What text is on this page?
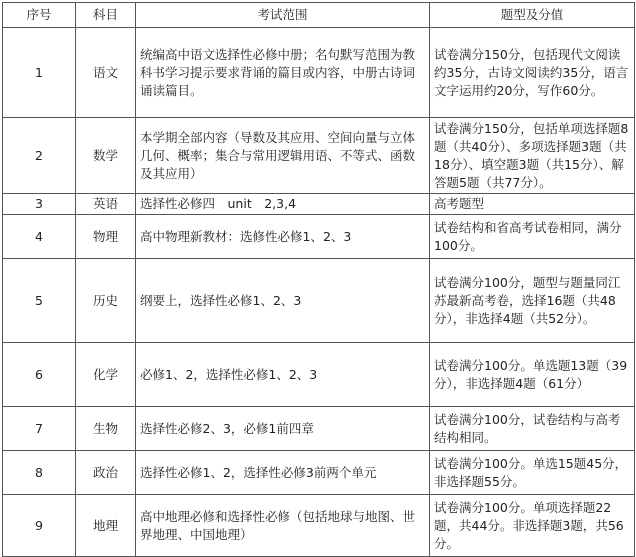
序号	科目	考试范围	题型及分值
1	语文	统编高中语文选择性必修中册；名句默写范围为教科书学习提示要求背诵的篇目或内容，中册古诗词诵读篇目。	试卷满分150分，包括现代文阅读约35分，古诗文阅读约35分，语言文字运用约20分，写作60分。
2	数学	本学期全部内容（导数及其应用、空间向量与立体几何、概率；集合与常用逻辑用语、不等式、函数及其应用）	试卷满分150分，包括单项选择题8题（共40分）、多项选择题3题（共18分）、填空题3题（共15分）、解答题5题（共77分）。
3	英语	选择性必修四　unit　2,3,4	高考题型
4	物理	高中物理新教材：选修性必修1、2、3	试卷结构和省高考试卷相同，满分100分。
5	历史	纲要上，选择性必修1、2、3	试卷满分100分，题型与题量同江苏最新高考卷，选择16题（共48分），非选择4题（共52分）。
6	化学	必修1、2，选择性必修1、2、3	试卷满分100分。单选题13题（39分），非选择题4题（61分）
7	生物	选择性必修2、3，必修1前四章	试卷满分100分，试卷结构与高考结构相同。
8	政治	选择性必修1、2，选择性必修3前两个单元	试卷满分100分。单选15题45分，非选择题55分。
9	地理	高中地理必修和选择性必修（包括地球与地图、世界地理、中国地理）	试卷满分100分。单项选择题22题，共44分。非选择题3题，共56分。
